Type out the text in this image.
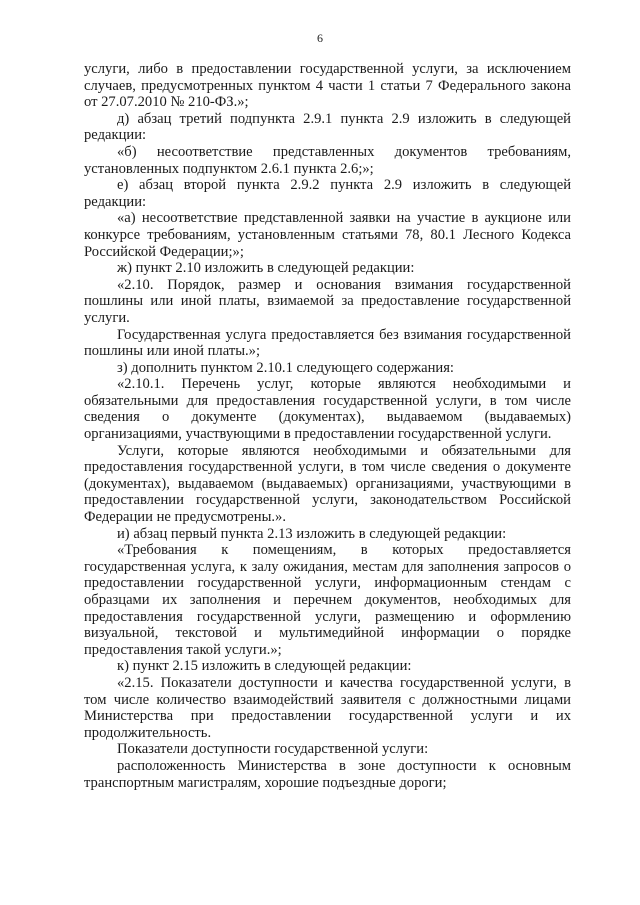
6

услуги, либо в предоставлении государственной услуги, за исключением случаев, предусмотренных пунктом 4 части 1 статьи 7 Федерального закона от 27.07.2010 № 210-ФЗ.»;

д) абзац третий подпункта 2.9.1 пункта 2.9 изложить в следующей редакции:

«б) несоответствие представленных документов требованиям, установленных подпунктом 2.6.1 пункта 2.6;»;

е) абзац второй пункта 2.9.2 пункта 2.9 изложить в следующей редакции:

«а) несоответствие представленной заявки на участие в аукционе или конкурсе требованиям, установленным статьями 78, 80.1 Лесного Кодекса Российской Федерации;»;

ж) пункт 2.10 изложить в следующей редакции:

«2.10. Порядок, размер и основания взимания государственной пошлины или иной платы, взимаемой за предоставление государственной услуги.

Государственная услуга предоставляется без взимания государственной пошлины или иной платы.»;

з) дополнить пунктом 2.10.1 следующего содержания:

«2.10.1. Перечень услуг, которые являются необходимыми и обязательными для предоставления государственной услуги, в том числе сведения о документе (документах), выдаваемом (выдаваемых) организациями, участвующими в предоставлении государственной услуги.

Услуги, которые являются необходимыми и обязательными для предоставления государственной услуги, в том числе сведения о документе (документах), выдаваемом (выдаваемых) организациями, участвующими в предоставлении государственной услуги, законодательством Российской Федерации не предусмотрены.».

и) абзац первый пункта 2.13 изложить в следующей редакции:

«Требования к помещениям, в которых предоставляется государственная услуга, к залу ожидания, местам для заполнения запросов о предоставлении государственной услуги, информационным стендам с образцами их заполнения и перечнем документов, необходимых для предоставления государственной услуги, размещению и оформлению визуальной, текстовой и мультимедийной информации о порядке предоставления такой услуги.»;

к) пункт 2.15 изложить в следующей редакции:

«2.15. Показатели доступности и качества государственной услуги, в том числе количество взаимодействий заявителя с должностными лицами Министерства при предоставлении государственной услуги и их продолжительность.

Показатели доступности государственной услуги:

расположенность Министерства в зоне доступности к основным транспортным магистралям, хорошие подъездные дороги;
